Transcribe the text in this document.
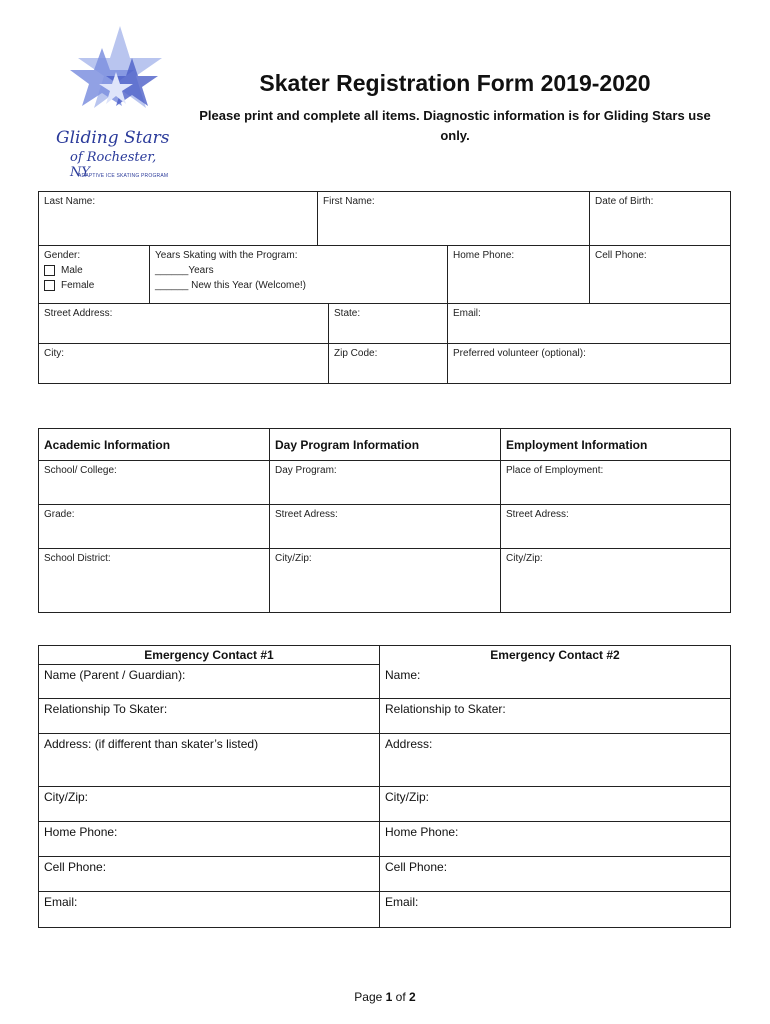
Gliding Stars
of Rochester, NY
ADAPTIVE ICE SKATING PROGRAM
Skater Registration Form 2019-2020
Please print and complete all items. Diagnostic information is for Gliding Stars use only.
Last Name:		First Name:			Date of Birth:

Gender:
Male
Female	Years Skating with the Program:
______Years
______ New this Year (Welcome!)			Home Phone:	Cell Phone:
Street Address:			State:	Email:	
City:			Zip Code:	Preferred volunteer (optional):	
Academic Information	Day Program Information	Employment Information
School/ College:	Day Program:	Place of Employment:
Grade:	Street Adress:	Street Adress:
School District:	City/Zip:	City/Zip:
Emergency Contact #1	Emergency Contact #2
Name (Parent / Guardian):	Name:
Relationship To Skater:	Relationship to Skater:
Address: (if different than skater’s listed)	Address:
City/Zip:	City/Zip:
Home Phone:	Home Phone:
Cell Phone:	Cell Phone:
Email:	Email:
Page 1 of 2
